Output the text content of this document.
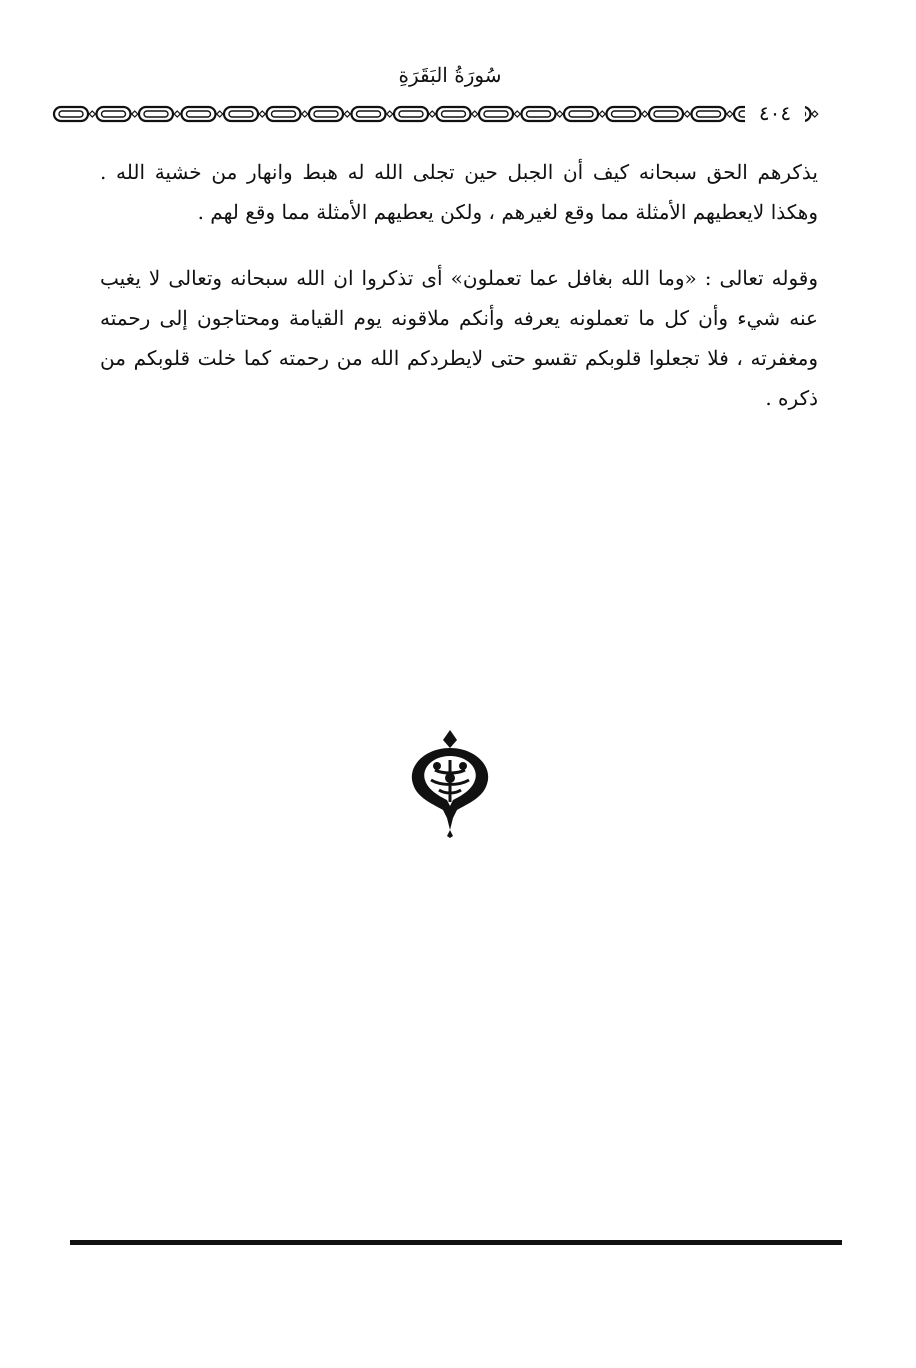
سُورَةُ البَقَرَةِ
٤٠٤

يذكرهم الحق سبحانه كيف أن الجبل حين تجلى الله له هبط وانهار من خشية الله . وهكذا لايعطيهم الأمثلة مما وقع لغيرهم ، ولكن يعطيهم الأمثلة مما وقع لهم .

وقوله تعالى : «وما الله بغافل عما تعملون» أى تذكروا ان الله سبحانه وتعالى لا يغيب عنه شيء وأن كل ما تعملونه يعرفه وأنكم ملاقونه يوم القيامة ومحتاجون إلى رحمته ومغفرته ، فلا تجعلوا قلوبكم تقسو حتى لايطردكم الله من رحمته كما خلت قلوبكم من ذكره .
